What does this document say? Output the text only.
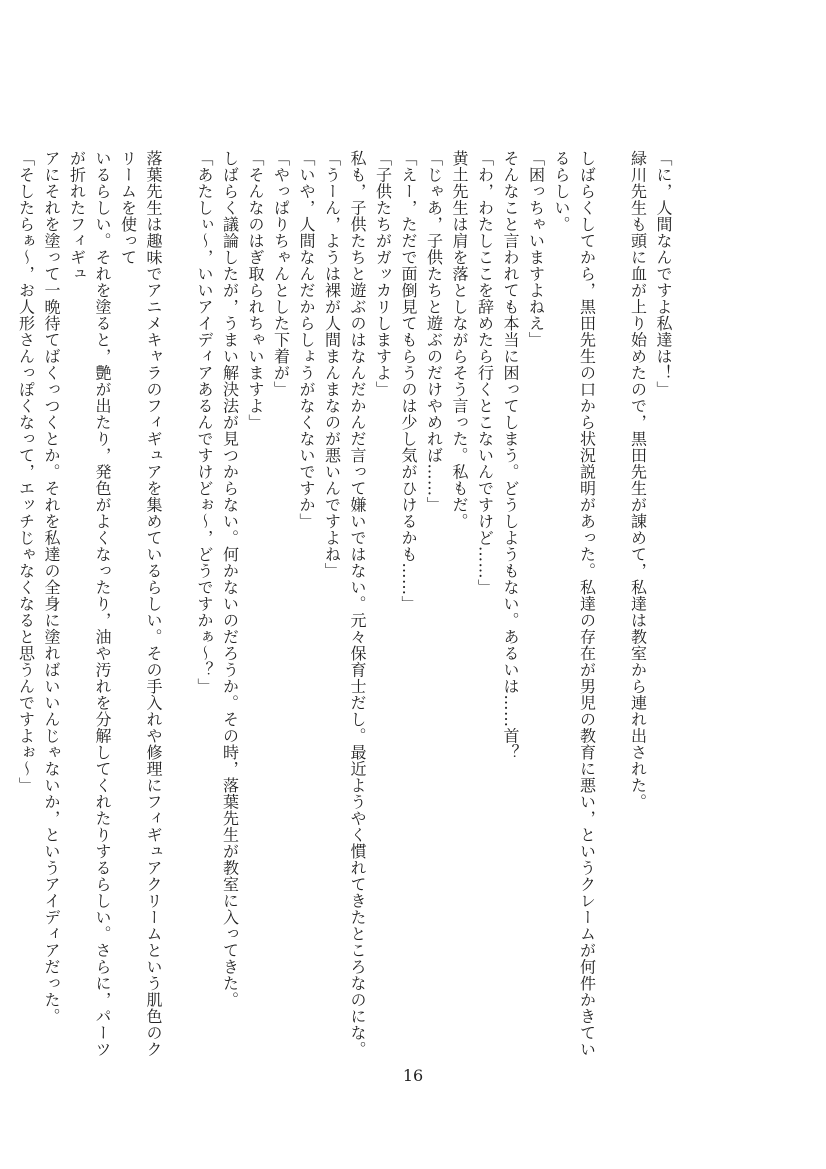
「に，人間なんですよ私達は！」
緑川先生も頭に血が上り始めたので，黒田先生が諌めて，私達は教室から連れ出された。
しばらくしてから，黒田先生の口から状況説明があった。私達の存在が男児の教育に悪い，というクレームが何件かきているらしい。
「困っちゃいますよねえ」
そんなこと言われても本当に困ってしまう。どうしようもない。あるいは……首？
「わ，わたしここを辞めたら行くとこないんですけど……」
黄土先生は肩を落としながらそう言った。私もだ。
「じゃあ，子供たちと遊ぶのだけやめれば……」
「えー，ただで面倒見てもらうのは少し気がひけるかも……」
「子供たちがガッカリしますよ」
私も，子供たちと遊ぶのはなんだかんだ言って嫌いではない。元々保育士だし。最近ようやく慣れてきたところなのにな。
「うーん，ようは裸が人間まんまなのが悪いんですよね」
「いや，人間なんだからしょうがなくないですか」
「やっぱりちゃんとした下着が」
「そんなのはぎ取られちゃいますよ」
しばらく議論したが，うまい解決法が見つからない。何かないのだろうか。その時，落葉先生が教室に入ってきた。
「あたしぃ～，いいアイディアあるんですけどぉ～，どうですかぁ～？」
落葉先生は趣味でアニメキャラのフィギュアを集めているらしい。その手入れや修理にフィギュアクリームという肌色のクリームを使って
いるらしい。それを塗ると，艶が出たり，発色がよくなったり，油や汚れを分解してくれたりするらしい。さらに，パーツが折れたフィギュ
アにそれを塗って一晩待てばくっつくとか。それを私達の全身に塗ればいいんじゃないか，というアイディアだった。
「そしたらぁ～，お人形さんっぽくなって，エッチじゃなくなると思うんですよぉ～」
16
